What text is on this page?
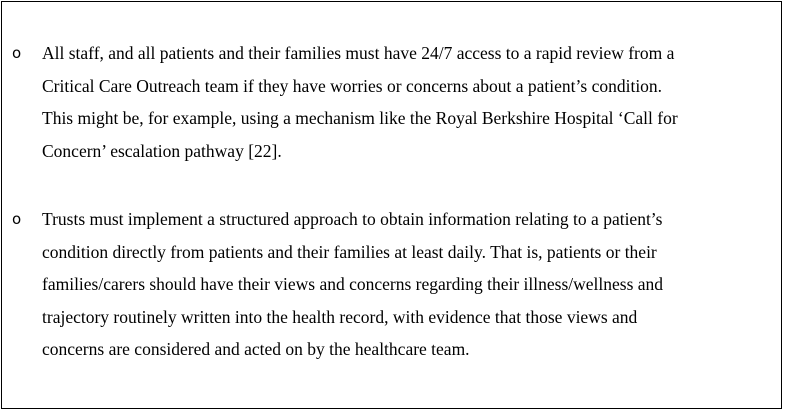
o All staff, and all patients and their families must have 24/7 access to a rapid review from a
Critical Care Outreach team if they have worries or concerns about a patient’s condition.
This might be, for example, using a mechanism like the Royal Berkshire Hospital ‘Call for
Concern’ escalation pathway [22].

o Trusts must implement a structured approach to obtain information relating to a patient’s
condition directly from patients and their families at least daily. That is, patients or their
families/carers should have their views and concerns regarding their illness/wellness and
trajectory routinely written into the health record, with evidence that those views and
concerns are considered and acted on by the healthcare team.
